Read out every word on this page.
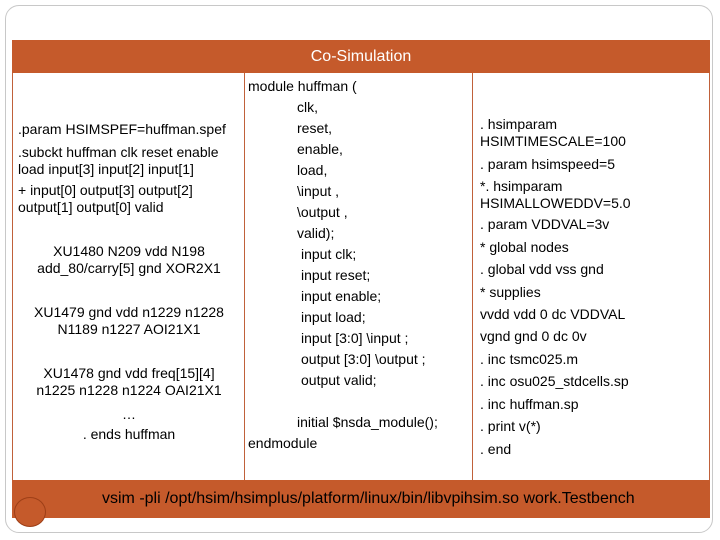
Co-Simulation
.param HSIMSPEF=huffman.spef
.subckt huffman clk reset enable
load input[3] input[2] input[1]
+ input[0] output[3] output[2]
output[1] output[0] valid
XU1480 N209 vdd N198
add_80/carry[5] gnd XOR2X1
XU1479 gnd vdd n1229 n1228
N1189 n1227 AOI21X1
XU1478 gnd vdd freq[15][4]
n1225 n1228 n1224 OAI21X1
…
. ends huffman
module huffman (
clk,
reset,
enable,
load,
\input ,
\output ,
valid);
input clk;
input reset;
input enable;
input load;
input [3:0] \input ;
output [3:0] \output ;
output valid;
initial $nsda_module();
endmodule
. hsimparam
HSIMTIMESCALE=100
. param hsimspeed=5
*. hsimparam
HSIMALLOWEDDV=5.0
. param VDDVAL=3v
* global nodes
. global vdd vss gnd
* supplies
vvdd vdd 0 dc VDDVAL
vgnd gnd 0 dc 0v
. inc tsmc025.m
. inc osu025_stdcells.sp
. inc huffman.sp
. print v(*)
. end
vsim -pli /opt/hsim/hsimplus/platform/linux/bin/libvpihsim.so work.Testbench
